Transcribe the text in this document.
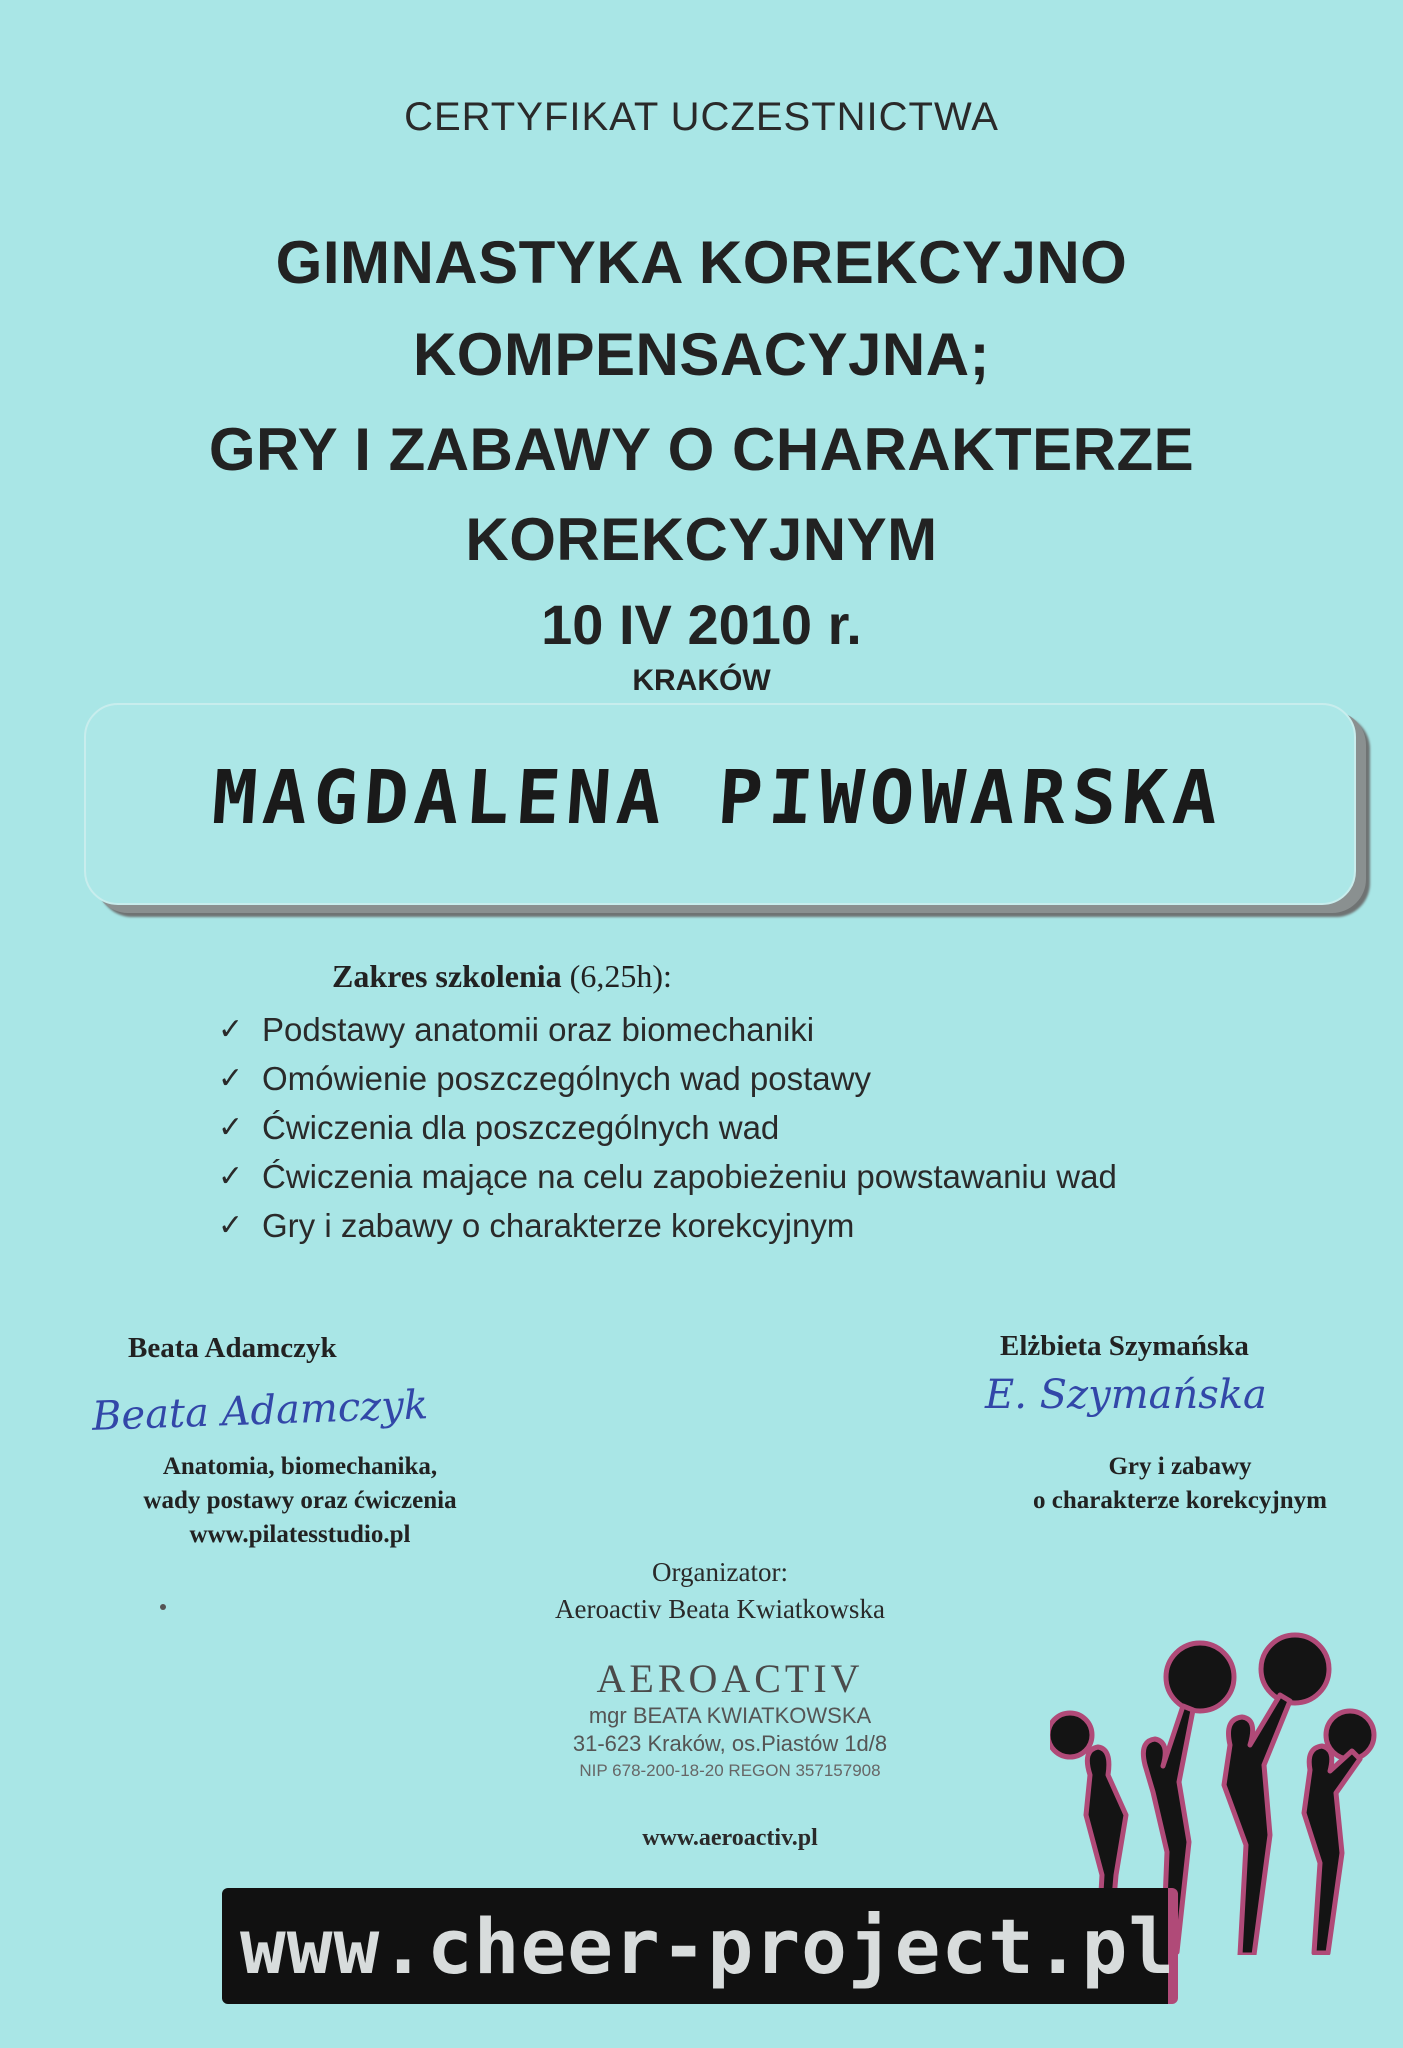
CERTYFIKAT UCZESTNICTWA
GIMNASTYKA KOREKCYJNO
KOMPENSACYJNA;
GRY I ZABAWY O CHARAKTERZE
KOREKCYJNYM
10 IV 2010 r.
KRAKÓW
MAGDALENA PIWOWARSKA
Zakres szkolenia (6,25h):
✓ Podstawy anatomii oraz biomechaniki
✓ Omówienie poszczególnych wad postawy
✓ Ćwiczenia dla poszczególnych wad
✓ Ćwiczenia mające na celu zapobieżeniu powstawaniu wad
✓ Gry i zabawy o charakterze korekcyjnym
Beata Adamczyk
Beata Adamczyk
Anatomia, biomechanika,
wady postawy oraz ćwiczenia
www.pilatesstudio.pl
Elżbieta Szymańska
E. Szymańska
Gry i zabawy
o charakterze korekcyjnym
Organizator:
Aeroactiv Beata Kwiatkowska
AEROACTIV
mgr BEATA KWIATKOWSKA
31-623 Kraków, os.Piastów 1d/8
NIP 678-200-18-20 REGON 357157908
www.aeroactiv.pl
www.cheer-project.pl
